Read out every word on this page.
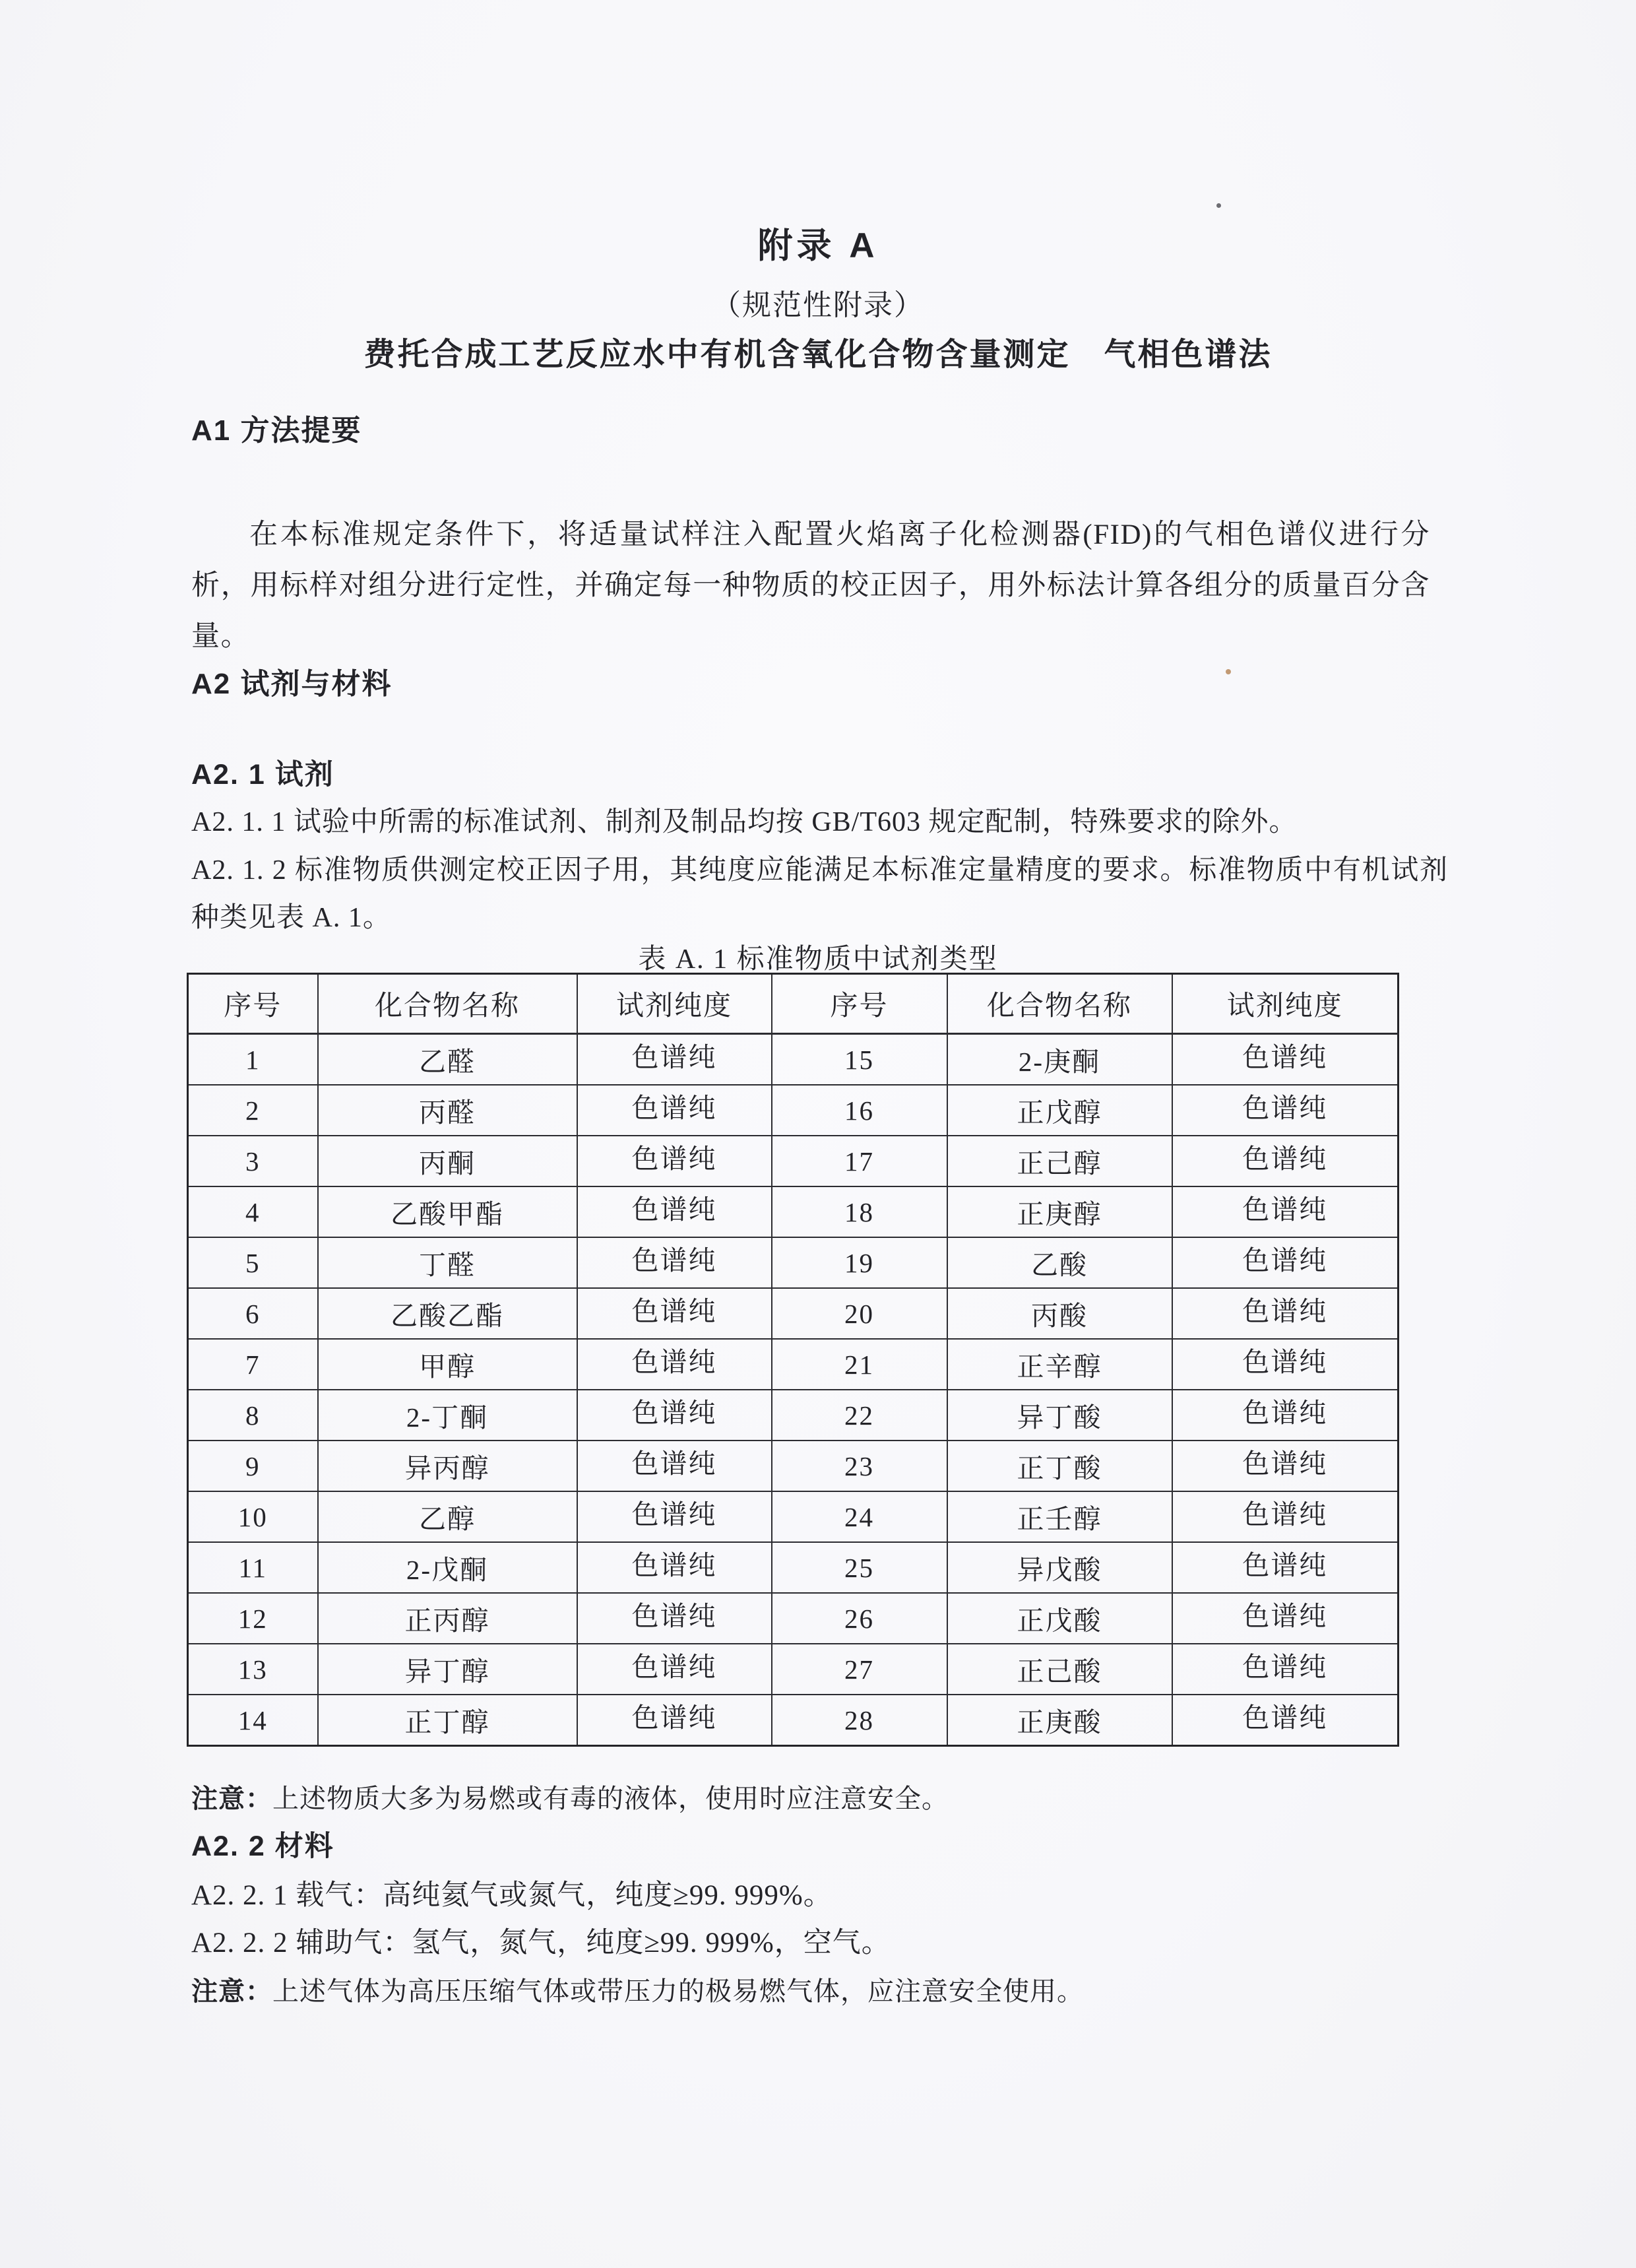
附录 A
（规范性附录）
费托合成工艺反应水中有机含氧化合物含量测定　气相色谱法
A1 方法提要
在本标准规定条件下，将适量试样注入配置火焰离子化检测器(FID)的气相色谱仪进行分析，用标样对组分进行定性，并确定每一种物质的校正因子，用外标法计算各组分的质量百分含量。
A2 试剂与材料
A2. 1 试剂
A2. 1. 1 试验中所需的标准试剂、制剂及制品均按 GB/T603 规定配制，特殊要求的除外。
A2. 1. 2 标准物质供测定校正因子用，其纯度应能满足本标准定量精度的要求。标准物质中有机试剂种类见表 A. 1。
表 A. 1 标准物质中试剂类型
序号	化合物名称	试剂纯度	序号	化合物名称	试剂纯度
1	乙醛	色谱纯	15	2-庚酮	色谱纯
2	丙醛	色谱纯	16	正戊醇	色谱纯
3	丙酮	色谱纯	17	正己醇	色谱纯
4	乙酸甲酯	色谱纯	18	正庚醇	色谱纯
5	丁醛	色谱纯	19	乙酸	色谱纯
6	乙酸乙酯	色谱纯	20	丙酸	色谱纯
7	甲醇	色谱纯	21	正辛醇	色谱纯
8	2-丁酮	色谱纯	22	异丁酸	色谱纯
9	异丙醇	色谱纯	23	正丁酸	色谱纯
10	乙醇	色谱纯	24	正壬醇	色谱纯
11	2-戊酮	色谱纯	25	异戊酸	色谱纯
12	正丙醇	色谱纯	26	正戊酸	色谱纯
13	异丁醇	色谱纯	27	正己酸	色谱纯
14	正丁醇	色谱纯	28	正庚酸	色谱纯
注意：上述物质大多为易燃或有毒的液体，使用时应注意安全。
A2. 2 材料
A2. 2. 1 载气：高纯氦气或氮气，纯度≥99. 999%。
A2. 2. 2 辅助气：氢气，氮气，纯度≥99. 999%，空气。
注意：上述气体为高压压缩气体或带压力的极易燃气体，应注意安全使用。
